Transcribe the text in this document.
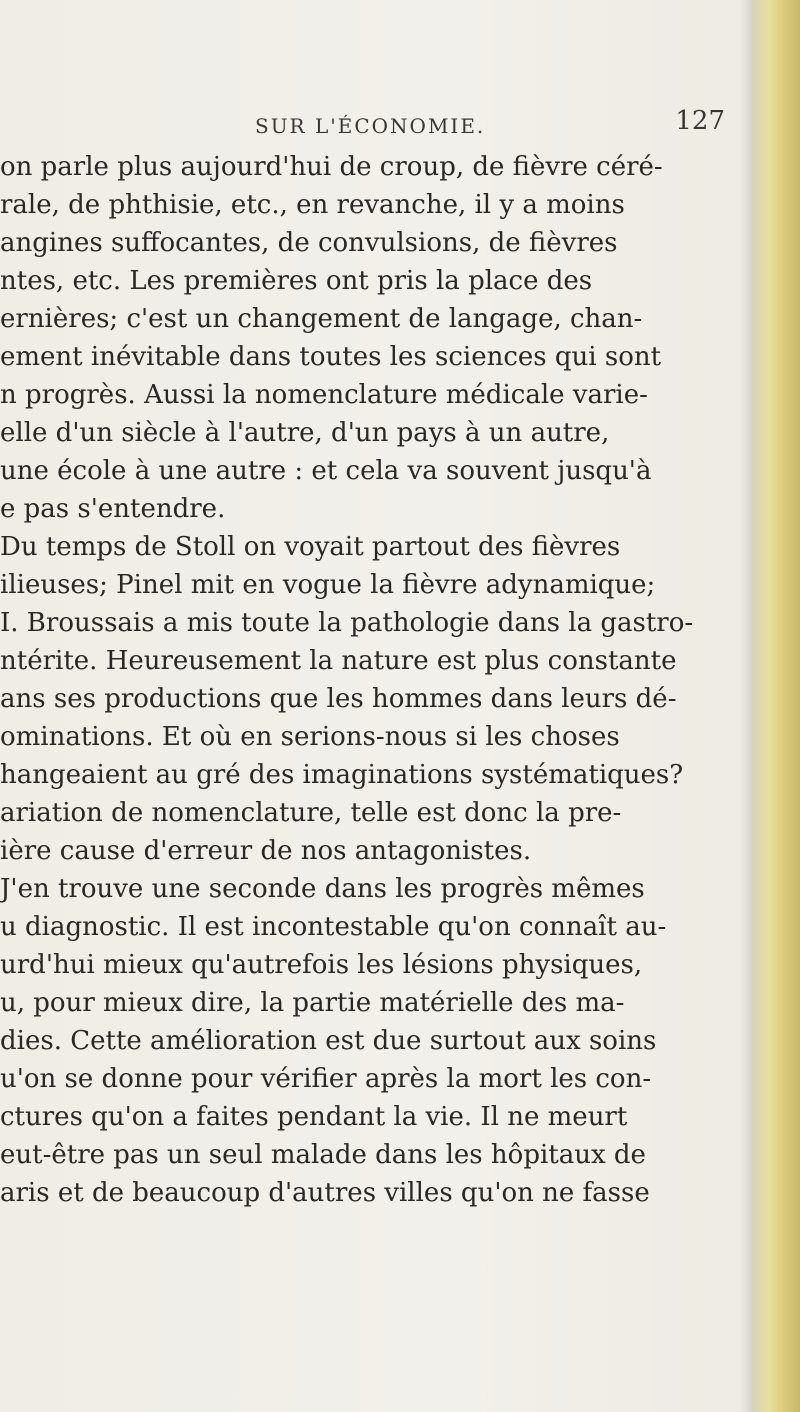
SUR L'ÉCONOMIE.	127
on parle plus aujourd'hui de croup, de fièvre céré-
rale, de phthisie, etc., en revanche, il y a moins
angines suffocantes, de convulsions, de fièvres
ntes, etc. Les premières ont pris la place des
ernières; c'est un changement de langage, chan-
ement inévitable dans toutes les sciences qui sont
n progrès. Aussi la nomenclature médicale varie-
elle d'un siècle à l'autre, d'un pays à un autre,
une école à une autre : et cela va souvent jusqu'à
e pas s'entendre.
Du temps de Stoll on voyait partout des fièvres
ilieuses; Pinel mit en vogue la fièvre adynamique;
I. Broussais a mis toute la pathologie dans la gastro-
ntérite. Heureusement la nature est plus constante
ans ses productions que les hommes dans leurs dé-
ominations. Et où en serions-nous si les choses
hangeaient au gré des imaginations systématiques?
ariation de nomenclature, telle est donc la pre-
ière cause d'erreur de nos antagonistes.
J'en trouve une seconde dans les progrès mêmes
u diagnostic. Il est incontestable qu'on connaît au-
urd'hui mieux qu'autrefois les lésions physiques,
u, pour mieux dire, la partie matérielle des ma-
dies. Cette amélioration est due surtout aux soins
u'on se donne pour vérifier après la mort les con-
ctures qu'on a faites pendant la vie. Il ne meurt
eut-être pas un seul malade dans les hôpitaux de
aris et de beaucoup d'autres villes qu'on ne fasse
